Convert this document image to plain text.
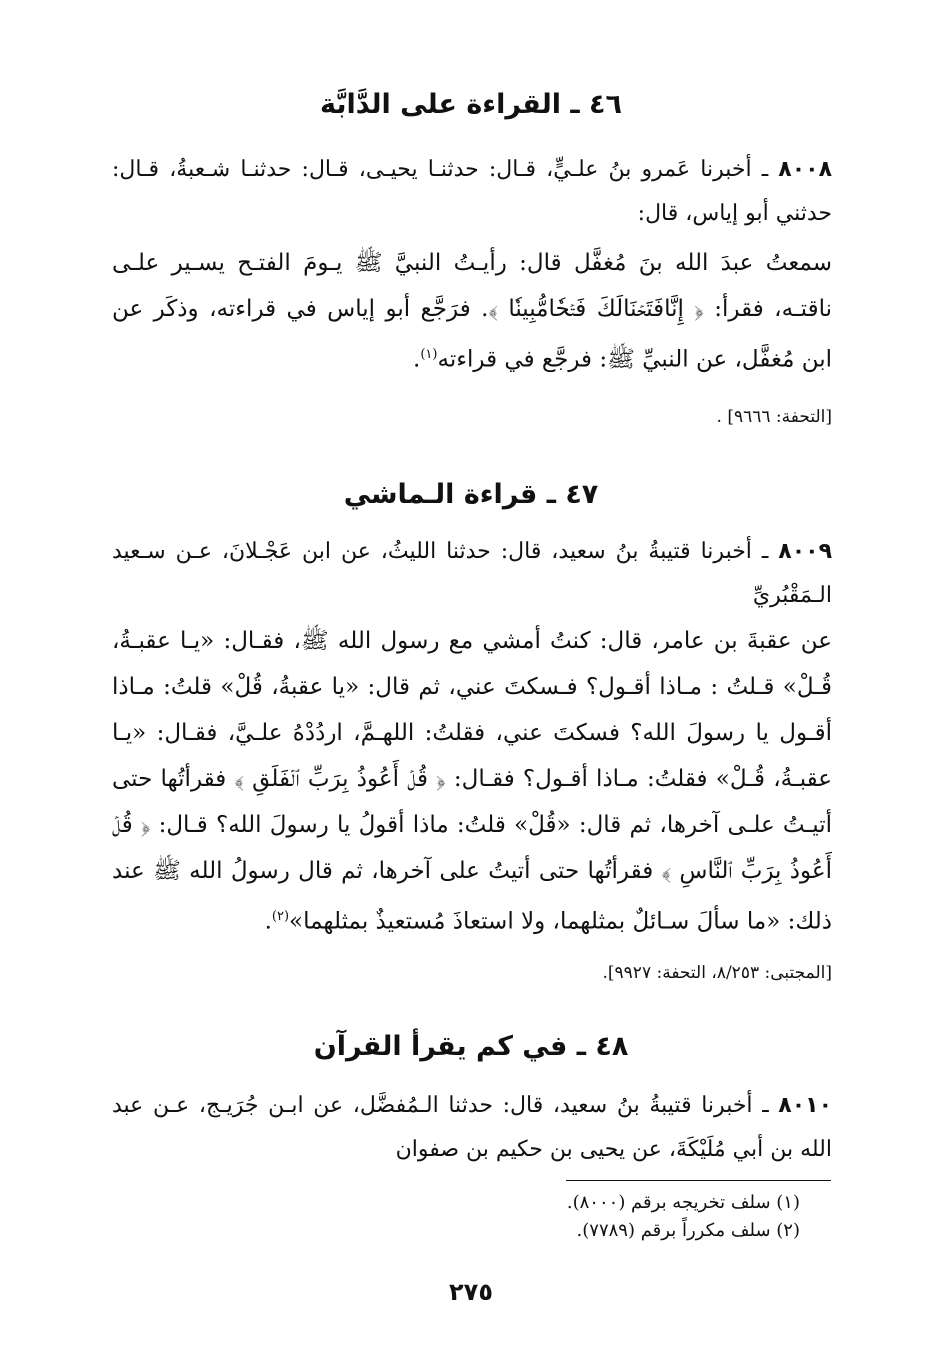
٤٦ ـ القراءة على الدَّابَّة
٨٠٠٨ ـ أخبرنا عَمرو بنُ علـيٍّ، قـال: حدثنـا يحيـى، قـال: حدثنـا شـعبةُ، قـال: حدثني أبو إياس، قال:
سمعتُ عبدَ الله بنَ مُغفَّل قال: رأيـتُ النبيَّ ﷺ يـومَ الفتـح يسـير علـى ناقتـه، فقرأ: ﴿ إِنَّافَتَحۡنَالَكَ فَتۡحٗامُّبِينٗا ﴾. فرَجَّع أبو إياس في قراءته، وذكَر عن ابن مُغفَّل، عن النبيِّ ﷺ: فرجَّع في قراءته$^{(١)}$.
[التحفة: ٩٦٦٦] .
٤٧ ـ قراءة الـماشي
٨٠٠٩ ـ أخبرنا قتيبةُ بنُ سعيد، قال: حدثنا الليثُ، عن ابن عَجْـلانَ، عـن سـعيد الـمَقْبُريِّ
عن عقبةَ بن عامر، قال: كنتُ أمشي مع رسول الله ﷺ، فقـال: «يـا عقبـةُ، قُـلْ» قـلتُ : مـاذا أقـول؟ فـسكتَ عني، ثم قال: «يا عقبةُ، قُلْ» قلتُ: مـاذا أقـول يا رسولَ الله؟ فسكتَ عني، فقلتُ: اللهـمَّ، اردُدْهُ علـيَّ، فقـال: «يـا عقبـةُ، قُـلْ» فقلتُ: مـاذا أقـول؟ فقـال: ﴿ قُلۡ أَعُوذُ بِرَبِّ ٱلۡفَلَقِ ﴾ فقرأتُها حتى أتيـتُ علـى آخرها، ثم قال: «قُلْ» قلتُ: ماذا أقولُ يا رسولَ الله؟ قـال: ﴿ قُلۡ أَعُوذُ بِرَبِّ ٱلنَّاسِ ﴾ فقرأتُها حتى أتيتُ على آخرها، ثم قال رسولُ الله ﷺ عند ذلك: «ما سألَ سـائلٌ بمثلهما، ولا استعاذَ مُستعيذٌ بمثلهما»$^{(٢)}$.
[المجتبى: ٨/٢٥٣، التحفة: ٩٩٢٧].
٤٨ ـ في كم يقرأ القرآن
٨٠١٠ ـ أخبرنا قتيبةُ بنُ سعيد، قال: حدثنا الـمُفضَّل، عن ابـن جُرَيـج، عـن عبد الله بن أبي مُلَيْكَةَ، عن يحيى بن حكيم بن صفوان
(١) سلف تخريجه برقم (٨٠٠٠).
(٢) سلف مكرراً برقم (٧٧٨٩).
٢٧٥
